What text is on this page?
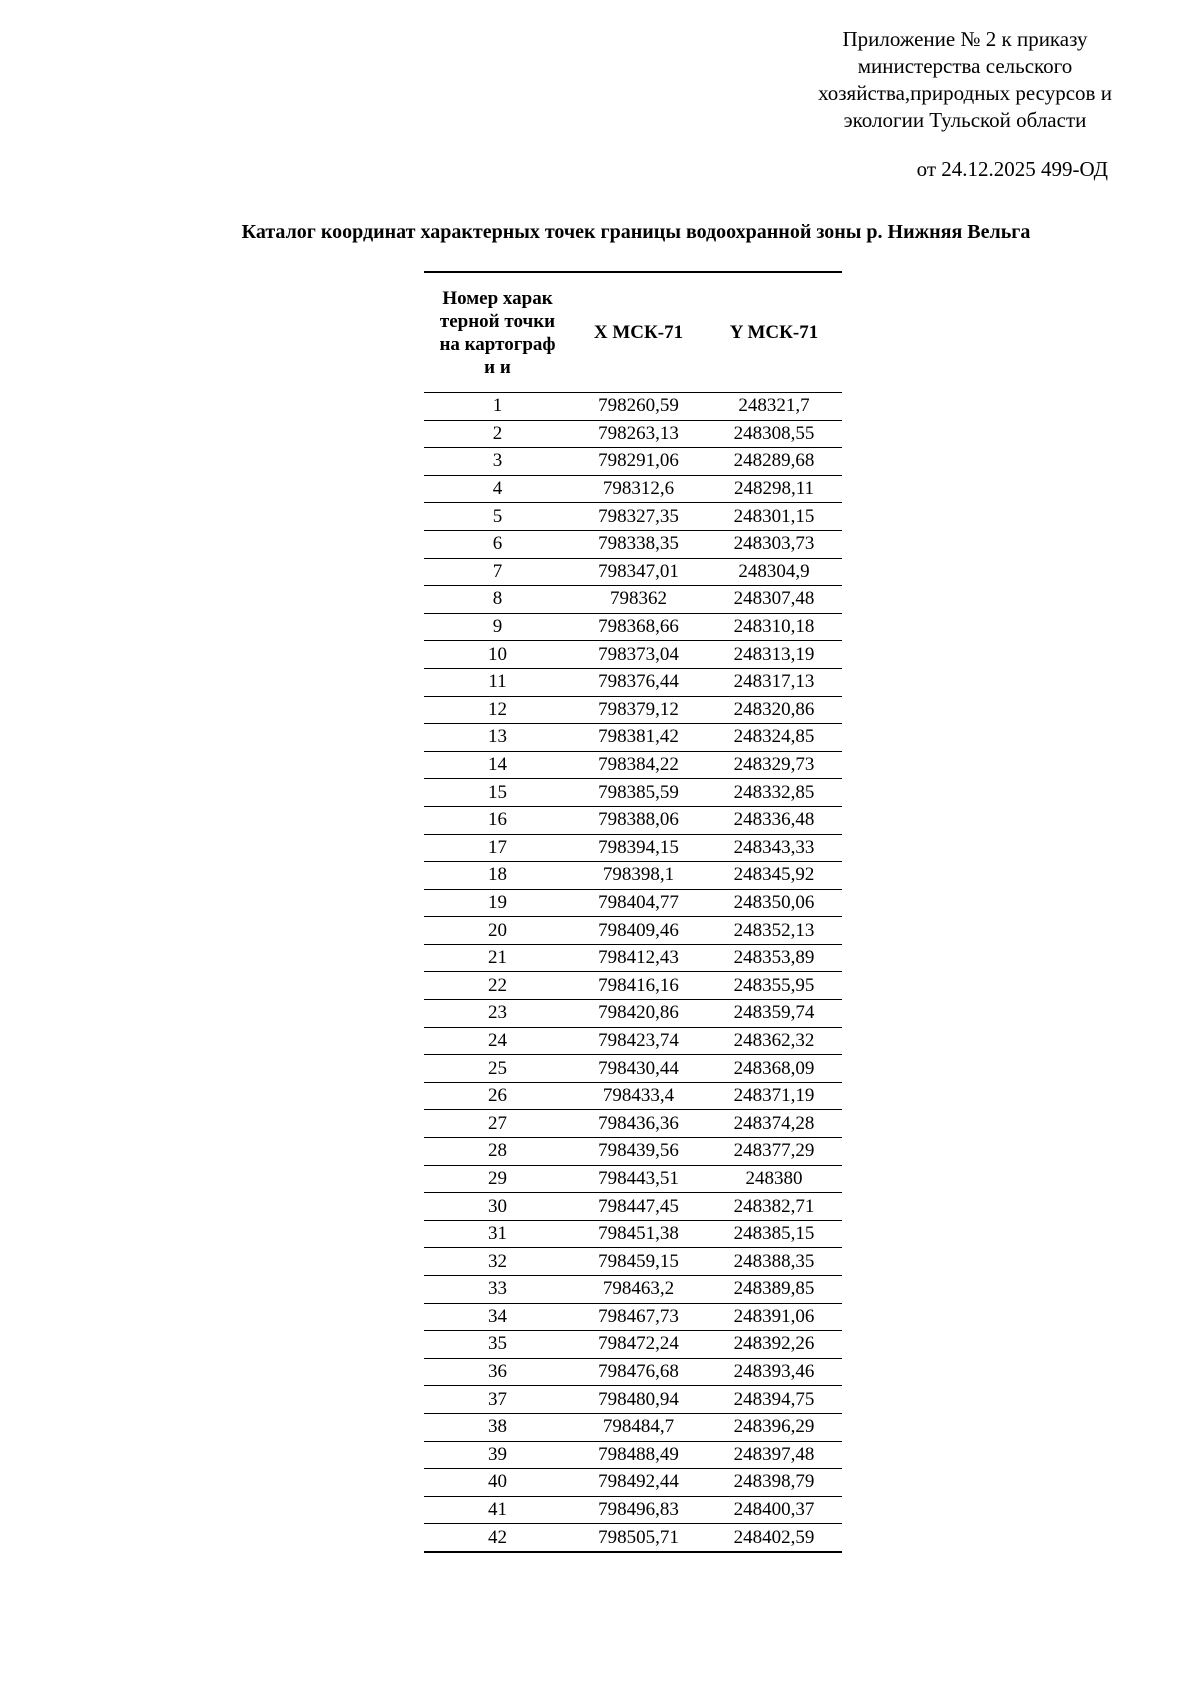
Приложение № 2 к приказу
министерства сельского
хозяйства,природных ресурсов и
экологии Тульской области
от 24.12.2025 499-ОД
Каталог координат характерных точек границы водоохранной зоны р. Нижняя Вельга
Номер характерной точки на картографи и	X МСК-71	Y МСК-71
1	798260,59	248321,7
2	798263,13	248308,55
3	798291,06	248289,68
4	798312,6	248298,11
5	798327,35	248301,15
6	798338,35	248303,73
7	798347,01	248304,9
8	798362	248307,48
9	798368,66	248310,18
10	798373,04	248313,19
11	798376,44	248317,13
12	798379,12	248320,86
13	798381,42	248324,85
14	798384,22	248329,73
15	798385,59	248332,85
16	798388,06	248336,48
17	798394,15	248343,33
18	798398,1	248345,92
19	798404,77	248350,06
20	798409,46	248352,13
21	798412,43	248353,89
22	798416,16	248355,95
23	798420,86	248359,74
24	798423,74	248362,32
25	798430,44	248368,09
26	798433,4	248371,19
27	798436,36	248374,28
28	798439,56	248377,29
29	798443,51	248380
30	798447,45	248382,71
31	798451,38	248385,15
32	798459,15	248388,35
33	798463,2	248389,85
34	798467,73	248391,06
35	798472,24	248392,26
36	798476,68	248393,46
37	798480,94	248394,75
38	798484,7	248396,29
39	798488,49	248397,48
40	798492,44	248398,79
41	798496,83	248400,37
42	798505,71	248402,59
